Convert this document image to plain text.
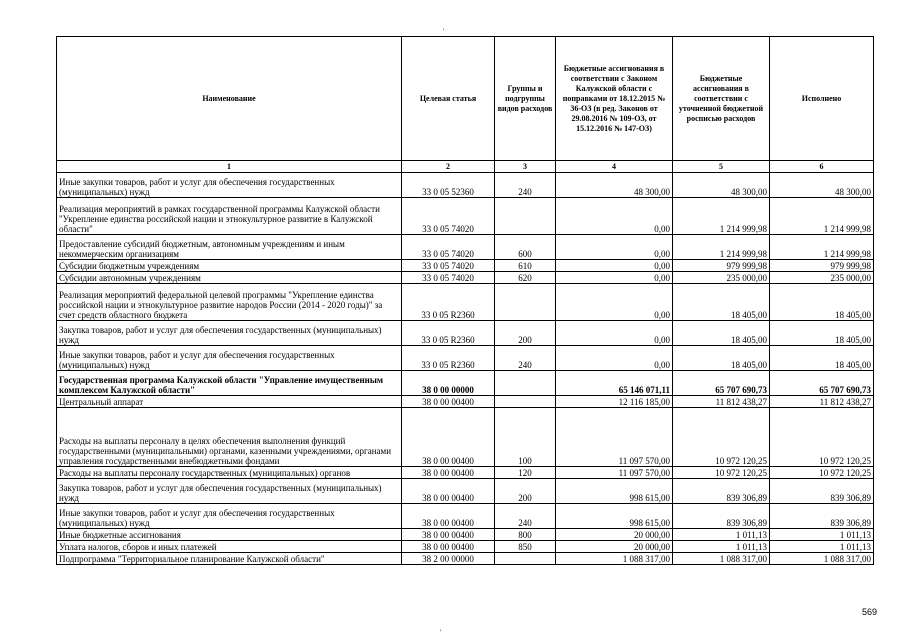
'
'
Наименование	Целевая статья	Группы и подгруппы видов расходов	Бюджетные ассигнования в соответствии с Законом Калужской области с поправками от 18.12.2015 № 36-ОЗ (в ред. Законов от 29.08.2016 № 109-ОЗ, от 15.12.2016 № 147-ОЗ)	Бюджетные ассигнования в соответствии с уточненной бюджетной росписью расходов	Исполнено
1	2	3	4	5	6
Иные закупки товаров, работ и услуг для обеспечения государственных (муниципальных) нужд	33 0 05 52360	240	48 300,00	48 300,00	48 300,00
Реализация мероприятий в рамках государственной программы Калужской области "Укрепление единства российской нации и этнокультурное развитие в Калужской области"	33 0 05 74020		0,00	1 214 999,98	1 214 999,98
Предоставление субсидий бюджетным, автономным учреждениям и иным некоммерческим организациям	33 0 05 74020	600	0,00	1 214 999,98	1 214 999,98
Субсидии бюджетным учреждениям	33 0 05 74020	610	0,00	979 999,98	979 999,98
Субсидии автономным учреждениям	33 0 05 74020	620	0,00	235 000,00	235 000,00
Реализация мероприятий федеральной целевой программы "Укрепление единства российской нации и этнокультурное развитие народов России (2014 - 2020 годы)" за счет средств областного бюджета	33 0 05 R2360		0,00	18 405,00	18 405,00
Закупка товаров, работ и услуг для обеспечения государственных (муниципальных) нужд	33 0 05 R2360	200	0,00	18 405,00	18 405,00
Иные закупки товаров, работ и услуг для обеспечения государственных (муниципальных) нужд	33 0 05 R2360	240	0,00	18 405,00	18 405,00
Государственная программа Калужской области "Управление имущественным комплексом Калужской области"	38 0 00 00000		65 146 071,11	65 707 690,73	65 707 690,73
Центральный аппарат	38 0 00 00400		12 116 185,00	11 812 438,27	11 812 438,27
Расходы на выплаты персоналу в целях обеспечения выполнения функций государственными (муниципальными) органами, казенными учреждениями, органами управления государственными внебюджетными фондами	38 0 00 00400	100	11 097 570,00	10 972 120,25	10 972 120,25
Расходы на выплаты персоналу государственных (муниципальных) органов	38 0 00 00400	120	11 097 570,00	10 972 120,25	10 972 120,25
Закупка товаров, работ и услуг для обеспечения государственных (муниципальных) нужд	38 0 00 00400	200	998 615,00	839 306,89	839 306,89
Иные закупки товаров, работ и услуг для обеспечения государственных (муниципальных) нужд	38 0 00 00400	240	998 615,00	839 306,89	839 306,89
Иные бюджетные ассигнования	38 0 00 00400	800	20 000,00	1 011,13	1 011,13
Уплата налогов, сборов и иных платежей	38 0 00 00400	850	20 000,00	1 011,13	1 011,13
Подпрограмма "Территориальное планирование Калужской области"	38 2 00 00000		1 088 317,00	1 088 317,00	1 088 317,00
569
